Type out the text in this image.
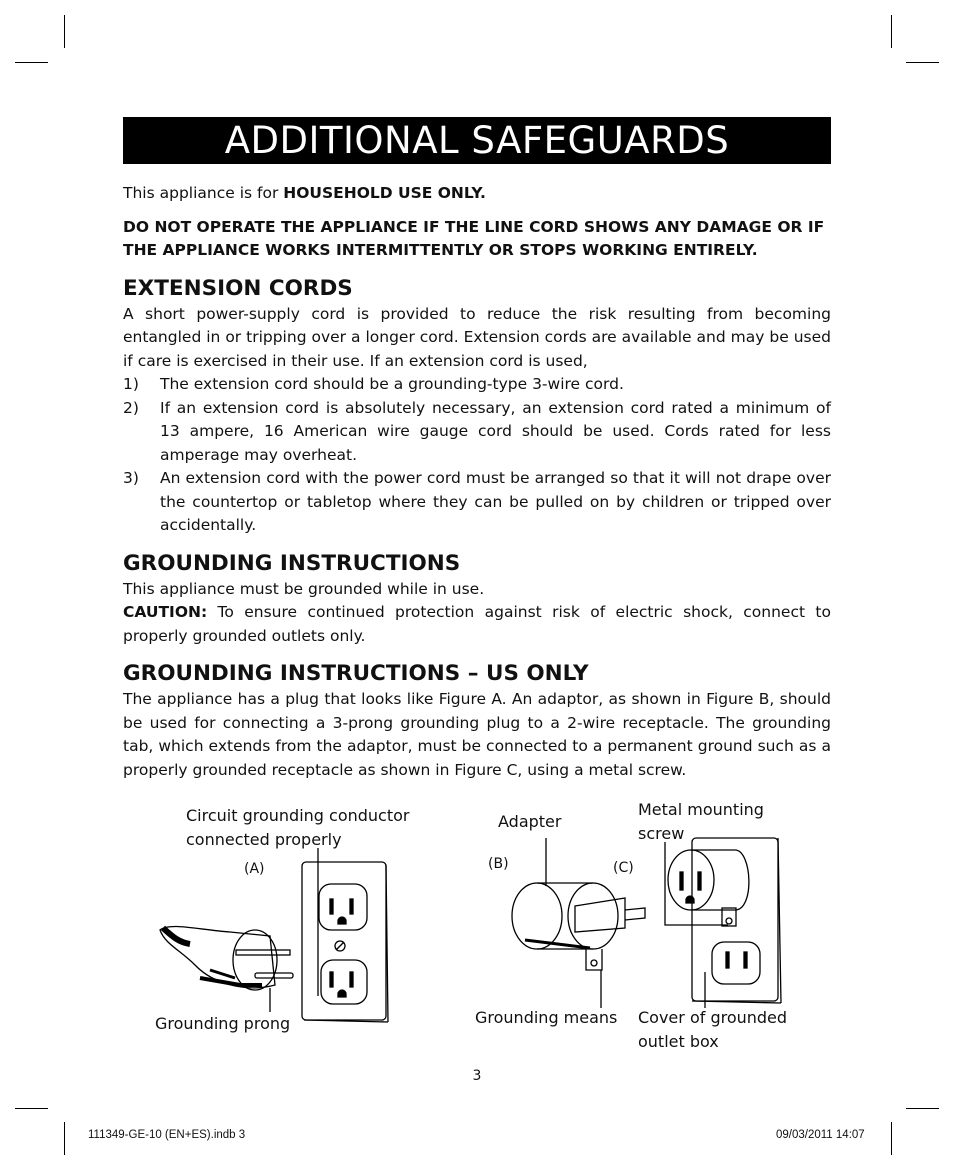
ADDITIONAL SAFEGUARDS

This appliance is for HOUSEHOLD USE ONLY.

DO NOT OPERATE THE APPLIANCE IF THE LINE CORD SHOWS ANY DAMAGE OR IF THE APPLIANCE WORKS INTERMITTENTLY OR STOPS WORKING ENTIRELY.

EXTENSION CORDS

A short power-supply cord is provided to reduce the risk resulting from becoming entangled in or tripping over a longer cord. Extension cords are available and may be used if care is exercised in their use. If an extension cord is used,

1) The extension cord should be a grounding-type 3-wire cord.
2) If an extension cord is absolutely necessary, an extension cord rated a minimum of 13 ampere, 16 American wire gauge cord should be used. Cords rated for less amperage may overheat.
3) An extension cord with the power cord must be arranged so that it will not drape over the countertop or tabletop where they can be pulled on by children or tripped over accidentally.
GROUNDING INSTRUCTIONS

This appliance must be grounded while in use.

CAUTION: To ensure continued protection against risk of electric shock, connect to properly grounded outlets only.

GROUNDING INSTRUCTIONS – US ONLY

The appliance has a plug that looks like Figure A. An adaptor, as shown in Figure B, should be used for connecting a 3-prong grounding plug to a 2-wire receptacle. The grounding tab, which extends from the adaptor, must be connected to a permanent ground such as a properly grounded receptacle as shown in Figure C, using a metal screw.

Circuit grounding conductor
connected properly
(A)
Grounding prong
Adapter
Metal mounting
screw
(B)	(C)
Grounding means Cover of grounded
outlet box
3
111349-GE-10 (EN+ES).indb 3	09/03/2011 14:07
